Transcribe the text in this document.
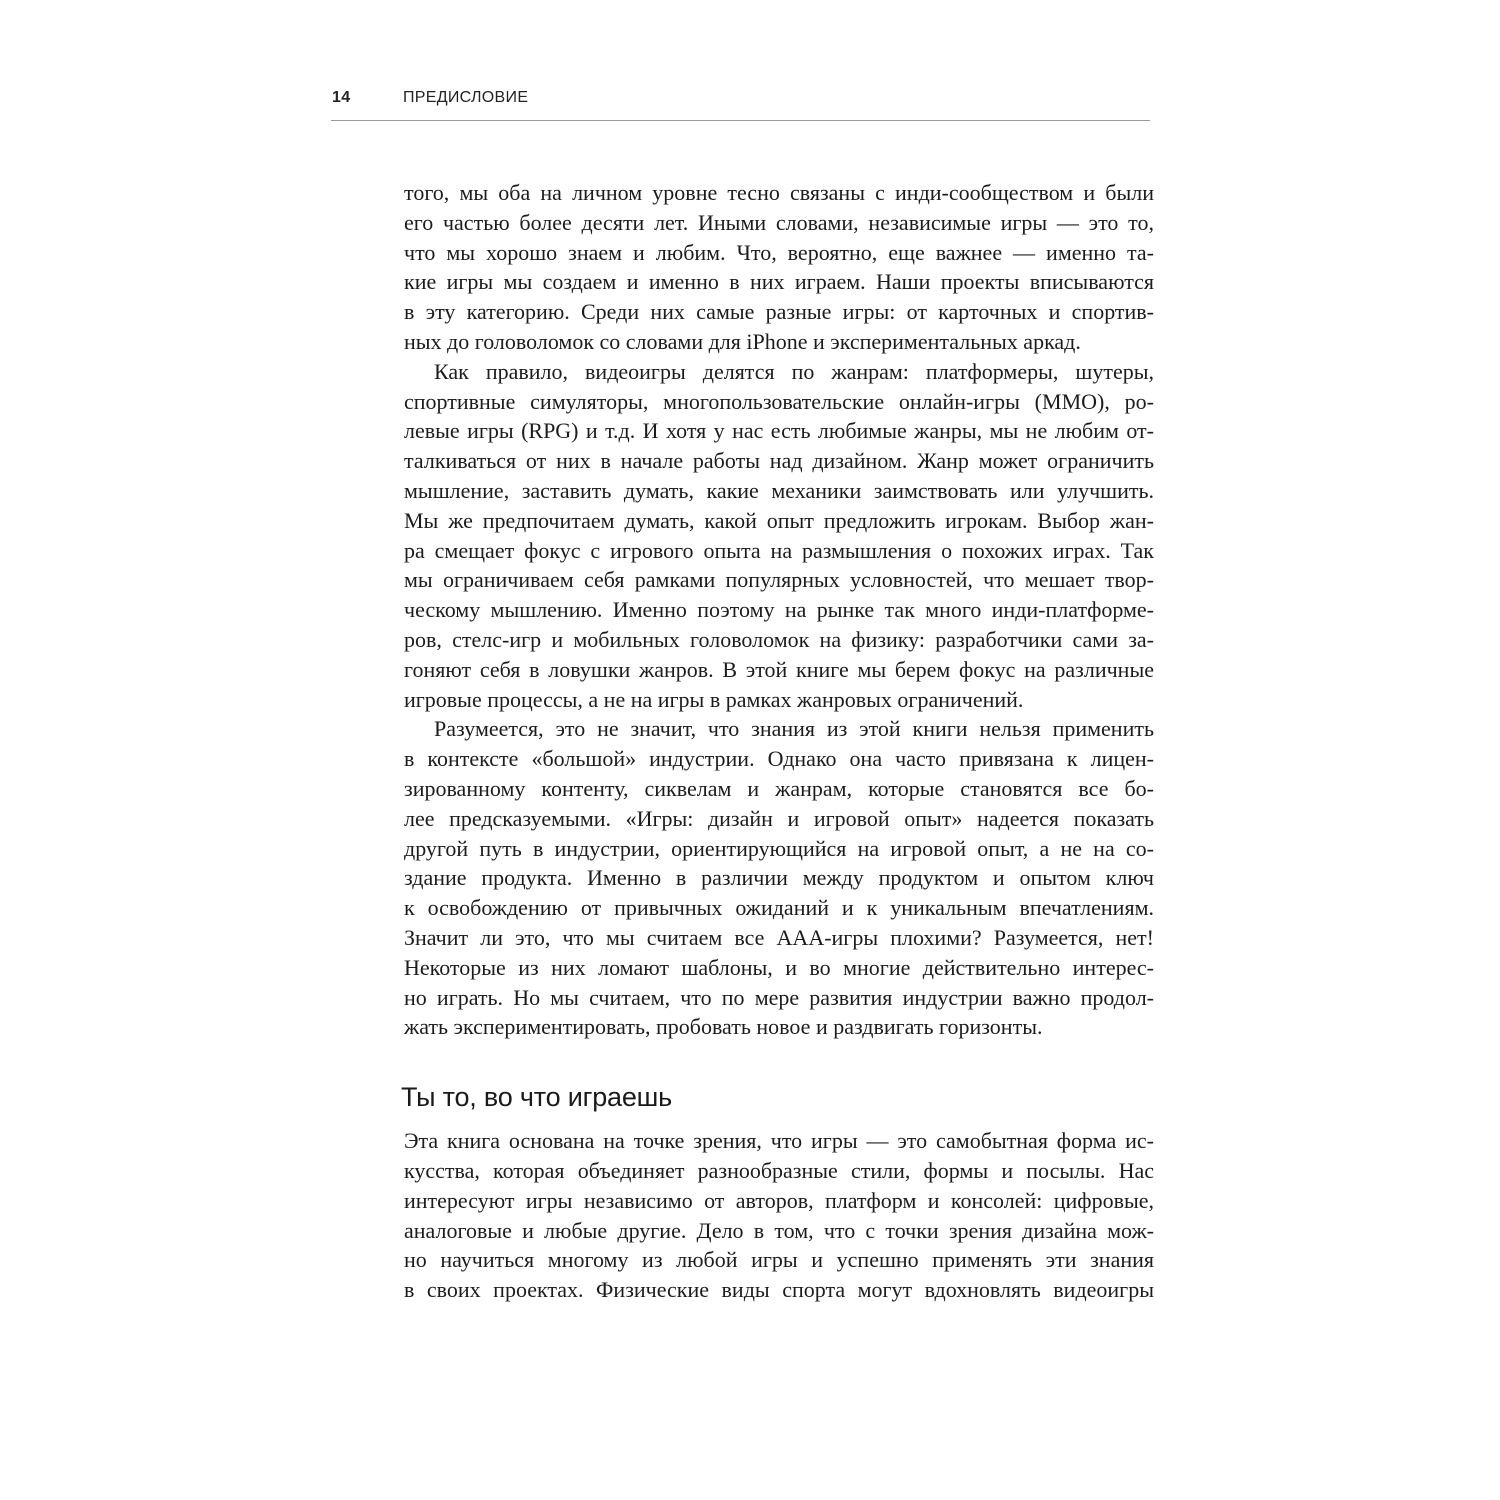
14	ПРЕДИСЛОВИЕ

того, мы оба на личном уровне тесно связаны с инди-сообществом и были
его частью более десяти лет. Иными словами, независимые игры — это то,
что мы хорошо знаем и любим. Что, вероятно, еще важнее — именно та-
кие игры мы создаем и именно в них играем. Наши проекты вписываются
в эту категорию. Среди них самые разные игры: от карточных и спортив-
ных до головоломок со словами для iPhone и экспериментальных аркад.

Как правило, видеоигры делятся по жанрам: платформеры, шутеры,
спортивные симуляторы, многопользовательские онлайн-игры (MMO), ро-
левые игры (RPG) и т.д. И хотя у нас есть любимые жанры, мы не любим от-
талкиваться от них в начале работы над дизайном. Жанр может ограничить
мышление, заставить думать, какие механики заимствовать или улучшить.
Мы же предпочитаем думать, какой опыт предложить игрокам. Выбор жан-
ра смещает фокус с игрового опыта на размышления о похожих играх. Так
мы ограничиваем себя рамками популярных условностей, что мешает твор-
ческому мышлению. Именно поэтому на рынке так много инди-платформе-
ров, стелс-игр и мобильных головоломок на физику: разработчики сами за-
гоняют себя в ловушки жанров. В этой книге мы берем фокус на различные
игровые процессы, а не на игры в рамках жанровых ограничений.

Разумеется, это не значит, что знания из этой книги нельзя применить
в контексте «большой» индустрии. Однако она часто привязана к лицен-
зированному контенту, сиквелам и жанрам, которые становятся все бо-
лее предсказуемыми. «Игры: дизайн и игровой опыт» надеется показать
другой путь в индустрии, ориентирующийся на игровой опыт, а не на со-
здание продукта. Именно в различии между продуктом и опытом ключ
к освобождению от привычных ожиданий и к уникальным впечатлениям.
Значит ли это, что мы считаем все AAA-игры плохими? Разумеется, нет!
Некоторые из них ломают шаблоны, и во многие действительно интерес-
но играть. Но мы считаем, что по мере развития индустрии важно продол-
жать экспериментировать, пробовать новое и раздвигать горизонты.

Ты то, во что играешь

Эта книга основана на точке зрения, что игры — это самобытная форма ис-
кусства, которая объединяет разнообразные стили, формы и посылы. Нас
интересуют игры независимо от авторов, платформ и консолей: цифровые,
аналоговые и любые другие. Дело в том, что с точки зрения дизайна мож-
но научиться многому из любой игры и успешно применять эти знания
в своих проектах. Физические виды спорта могут вдохновлять видеоигры
